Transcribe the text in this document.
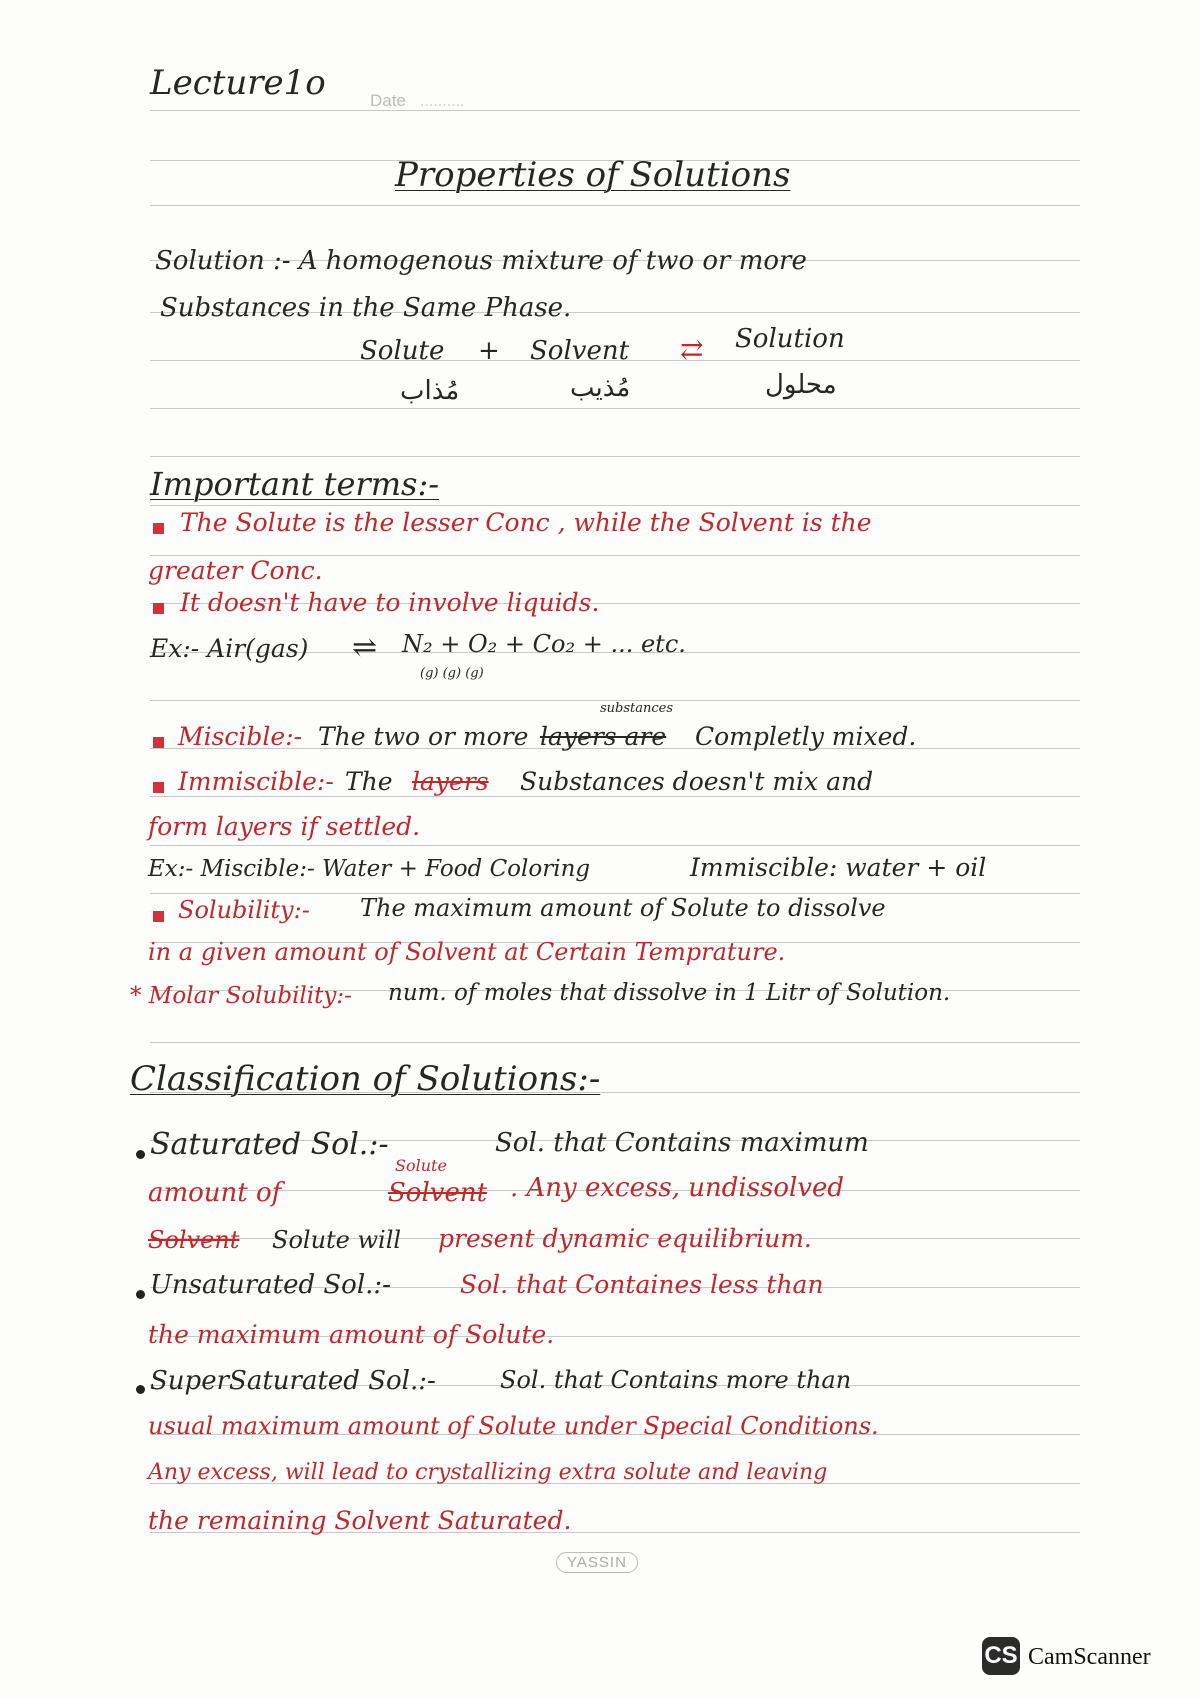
Lecture1o	Date ..........
Properties of Solutions
Solution :- A homogenous mixture of two or more
Substances in the Same Phase.
Solute + Solvent ⇄ Solution
مُذاب	مُذيب	محلول
Important terms:-
The Solute is the lesser Conc , while the Solvent is the
greater Conc.
It doesn't have to involve liquids.
Ex:- Air(gas) ⇌ N₂ + O₂ + Co₂ + ... etc.
(g) (g) (g)
Miscible:- The two or more layers are
substances
Completly mixed.
Immiscible:- The layers Substances doesn't mix and
form layers if settled.
Ex:- Miscible:- Water + Food Coloring	Immiscible: water + oil
Solubility:- The maximum amount of Solute to dissolve
in a given amount of Solvent at Certain Temprature.
* Molar Solubility:- num. of moles that dissolve in 1 Litr of Solution.
Classification of Solutions:-
Saturated Sol.:-	Sol. that Contains maximum
amount of	Solvent
Solute
. Any excess, undissolved
Solvent Solute will present dynamic equilibrium.
Unsaturated Sol.:-	Sol. that Containes less than
the maximum amount of Solute.
SuperSaturated Sol.:-	Sol. that Contains more than
usual maximum amount of Solute under Special Conditions.
Any excess, will lead to crystallizing extra solute and leaving
the remaining Solvent Saturated.
YASSIN
CS CamScanner
